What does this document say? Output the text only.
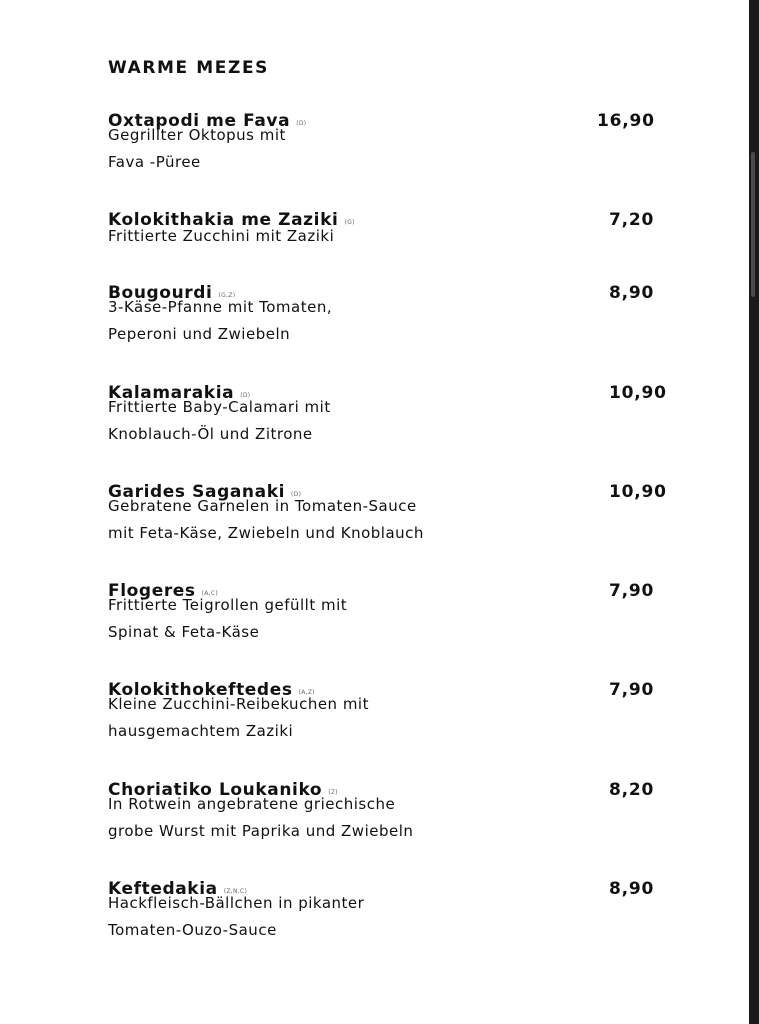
WARME MEZES
Oxtapodi me Fava (D)	16,90
Gegrillter Oktopus mit
Fava -Püree
Kolokithakia me Zaziki (G)	7,20
Frittierte Zucchini mit Zaziki
Bougourdi (G,Z)	8,90
3-Käse-Pfanne mit Tomaten,
Peperoni und Zwiebeln
Kalamarakia (D)	10,90
Frittierte Baby-Calamari mit
Knoblauch-Öl und Zitrone
Garides Saganaki (D)	10,90
Gebratene Garnelen in Tomaten-Sauce
mit Feta-Käse, Zwiebeln und Knoblauch
Flogeres (A,C)	7,90
Frittierte Teigrollen gefüllt mit
Spinat & Feta-Käse
Kolokithokeftedes (A,Z)	7,90
Kleine Zucchini-Reibekuchen mit
hausgemachtem Zaziki
Choriatiko Loukaniko (Z)	8,20
In Rotwein angebratene griechische
grobe Wurst mit Paprika und Zwiebeln
Keftedakia (Z,N,C)	8,90
Hackfleisch-Bällchen in pikanter
Tomaten-Ouzo-Sauce
